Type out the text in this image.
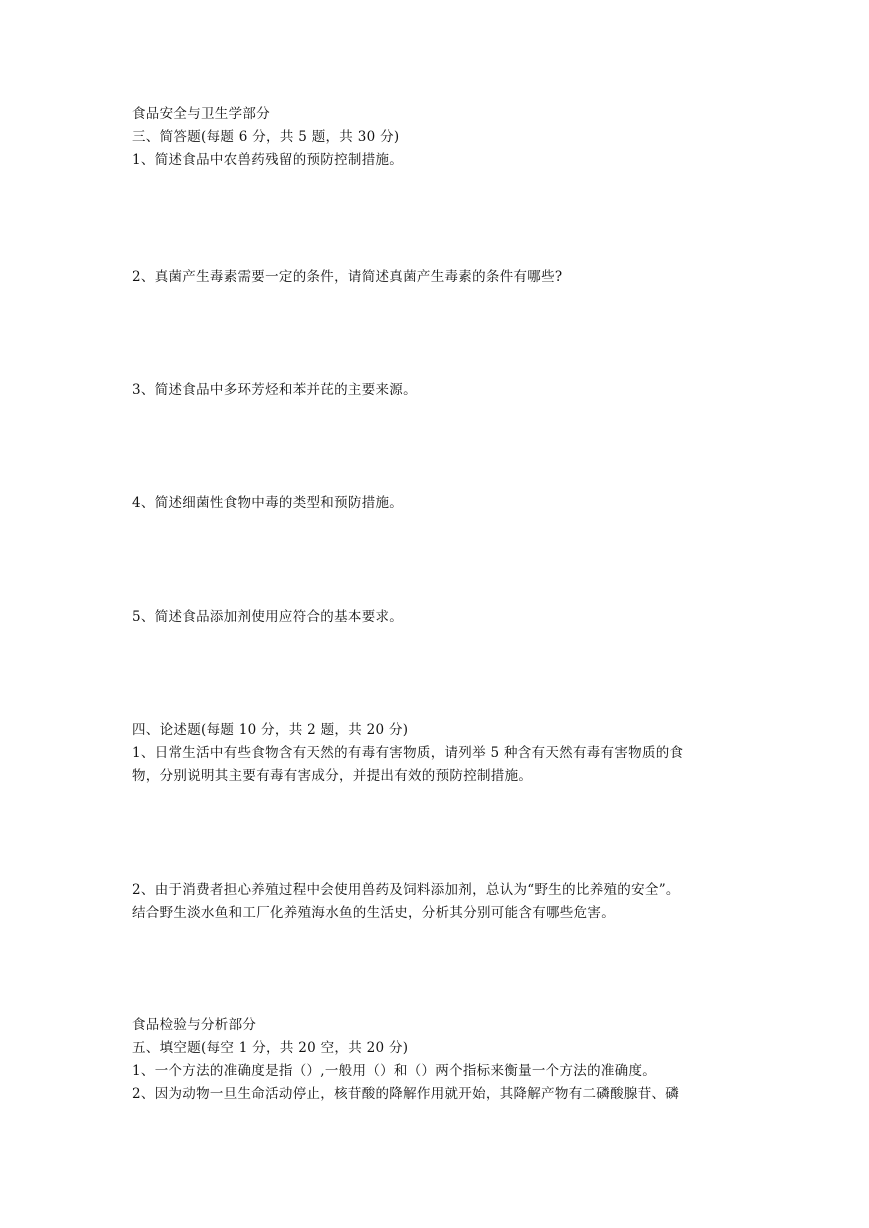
食品安全与卫生学部分
三、简答题(每题 6 分，共 5 题，共 30 分)
1、简述食品中农兽药残留的预防控制措施。
2、真菌产生毒素需要一定的条件，请简述真菌产生毒素的条件有哪些?
3、简述食品中多环芳烃和苯并芘的主要来源。
4、简述细菌性食物中毒的类型和预防措施。
5、简述食品添加剂使用应符合的基本要求。
四、论述题(每题 10 分，共 2 题，共 20 分)
1、日常生活中有些食物含有天然的有毒有害物质，请列举 5 种含有天然有毒有害物质的食
物，分别说明其主要有毒有害成分，并提出有效的预防控制措施。
2、由于消费者担心养殖过程中会使用兽药及饲料添加剂，总认为“野生的比养殖的安全”。
结合野生淡水鱼和工厂化养殖海水鱼的生活史，分析其分别可能含有哪些危害。
食品检验与分析部分
五、填空题(每空 1 分，共 20 空，共 20 分)
1、一个方法的准确度是指（）,一般用（）和（）两个指标来衡量一个方法的准确度。
2、因为动物一旦生命活动停止，核苷酸的降解作用就开始，其降解产物有二磷酸腺苷、磷
